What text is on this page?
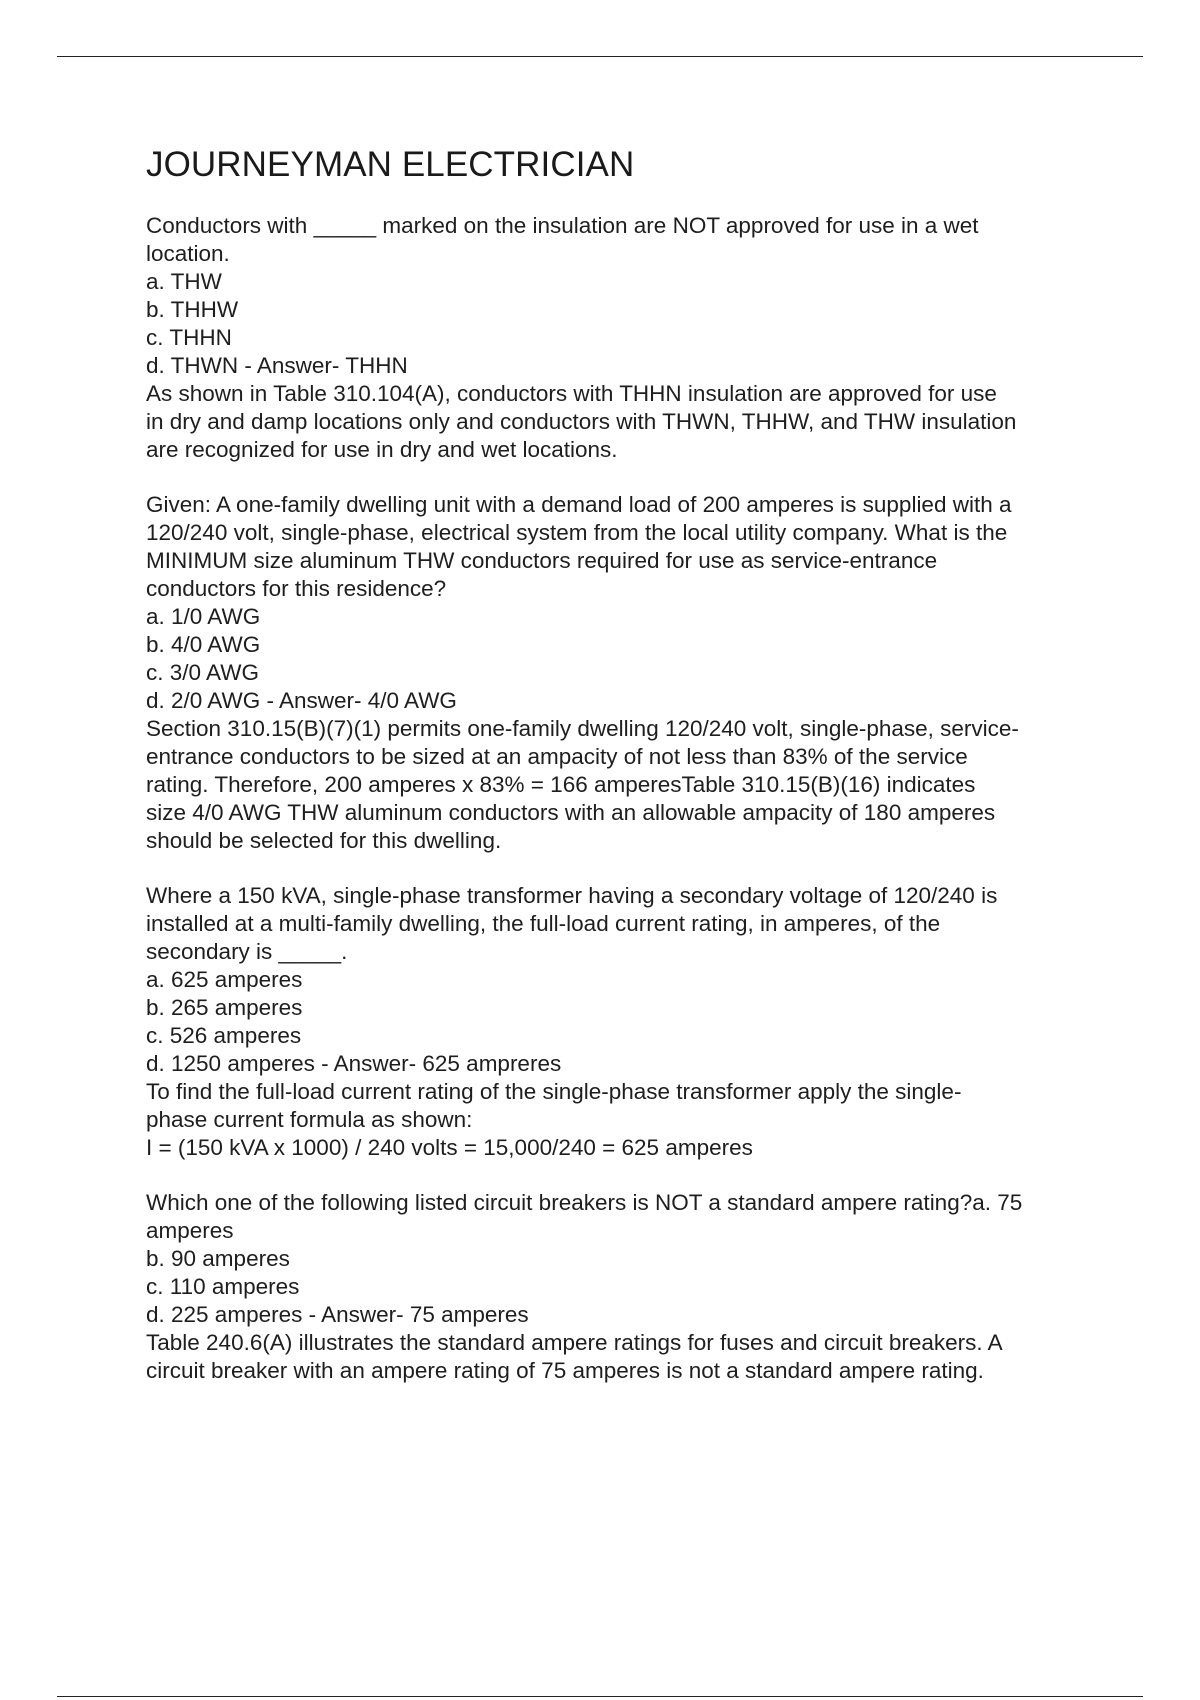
JOURNEYMAN ELECTRICIAN
Conductors with _____ marked on the insulation are NOT approved for use in a wet
location.
a. THW
b. THHW
c. THHN
d. THWN - Answer- THHN
As shown in Table 310.104(A), conductors with THHN insulation are approved for use
in dry and damp locations only and conductors with THWN, THHW, and THW insulation
are recognized for use in dry and wet locations.
Given: A one-family dwelling unit with a demand load of 200 amperes is supplied with a
120/240 volt, single-phase, electrical system from the local utility company. What is the
MINIMUM size aluminum THW conductors required for use as service-entrance
conductors for this residence?
a. 1/0 AWG
b. 4/0 AWG
c. 3/0 AWG
d. 2/0 AWG - Answer- 4/0 AWG
Section 310.15(B)(7)(1) permits one-family dwelling 120/240 volt, single-phase, service-
entrance conductors to be sized at an ampacity of not less than 83% of the service
rating. Therefore, 200 amperes x 83% = 166 amperesTable 310.15(B)(16) indicates
size 4/0 AWG THW aluminum conductors with an allowable ampacity of 180 amperes
should be selected for this dwelling.
Where a 150 kVA, single-phase transformer having a secondary voltage of 120/240 is
installed at a multi-family dwelling, the full-load current rating, in amperes, of the
secondary is _____.
a. 625 amperes
b. 265 amperes
c. 526 amperes
d. 1250 amperes - Answer- 625 ampreres
To find the full-load current rating of the single-phase transformer apply the single-
phase current formula as shown:
I = (150 kVA x 1000) / 240 volts = 15,000/240 = 625 amperes
Which one of the following listed circuit breakers is NOT a standard ampere rating?a. 75
amperes
b. 90 amperes
c. 110 amperes
d. 225 amperes - Answer- 75 amperes
Table 240.6(A) illustrates the standard ampere ratings for fuses and circuit breakers. A
circuit breaker with an ampere rating of 75 amperes is not a standard ampere rating.
